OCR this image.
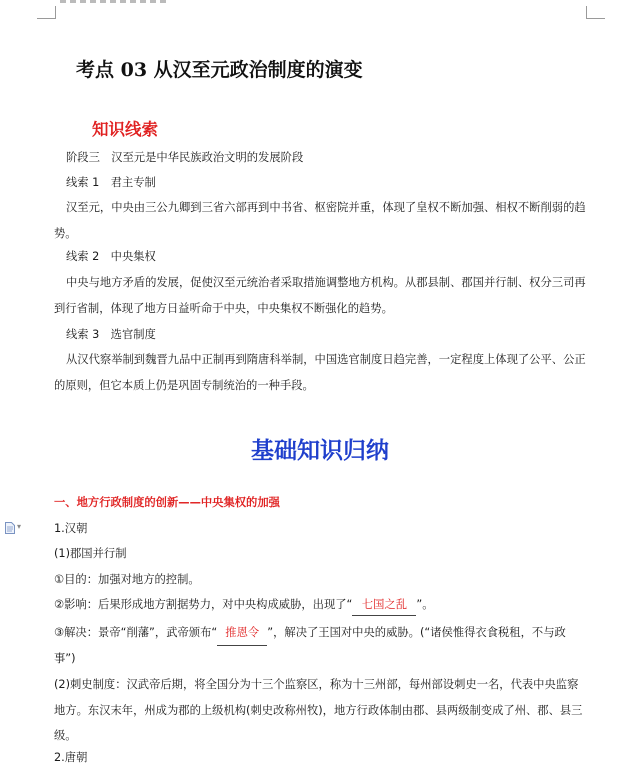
考点 03 从汉至元政治制度的演变
知识线索
阶段三　汉至元是中华民族政治文明的发展阶段
线索 1　君主专制
汉至元，中央由三公九卿到三省六部再到中书省、枢密院并重，体现了皇权不断加强、相权不断削弱的趋势。
线索 2　中央集权
中央与地方矛盾的发展，促使汉至元统治者采取措施调整地方机构。从郡县制、郡国并行制、权分三司再到行省制，体现了地方日益听命于中央，中央集权不断强化的趋势。
线索 3　选官制度
从汉代察举制到魏晋九品中正制再到隋唐科举制，中国选官制度日趋完善，一定程度上体现了公平、公正的原则，但它本质上仍是巩固专制统治的一种手段。
基础知识归纳
一、地方行政制度的创新——中央集权的加强
▾	1.汉朝
(1)郡国并行制
①目的：加强对地方的控制。
②影响：后果形成地方割据势力，对中央构成威胁，出现了“ 七国之乱 ”。
③解决：景帝“削藩”，武帝颁布“ 推恩令 ”，解决了王国对中央的威胁。(“诸侯惟得衣食税租，不与政事”)
(2)刺史制度：汉武帝后期，将全国分为十三个监察区，称为十三州部，每州部设刺史一名，代表中央监察地方。东汉末年，州成为郡的上级机构(刺史改称州牧)，地方行政体制由郡、县两级制变成了州、郡、县三级。
2.唐朝
